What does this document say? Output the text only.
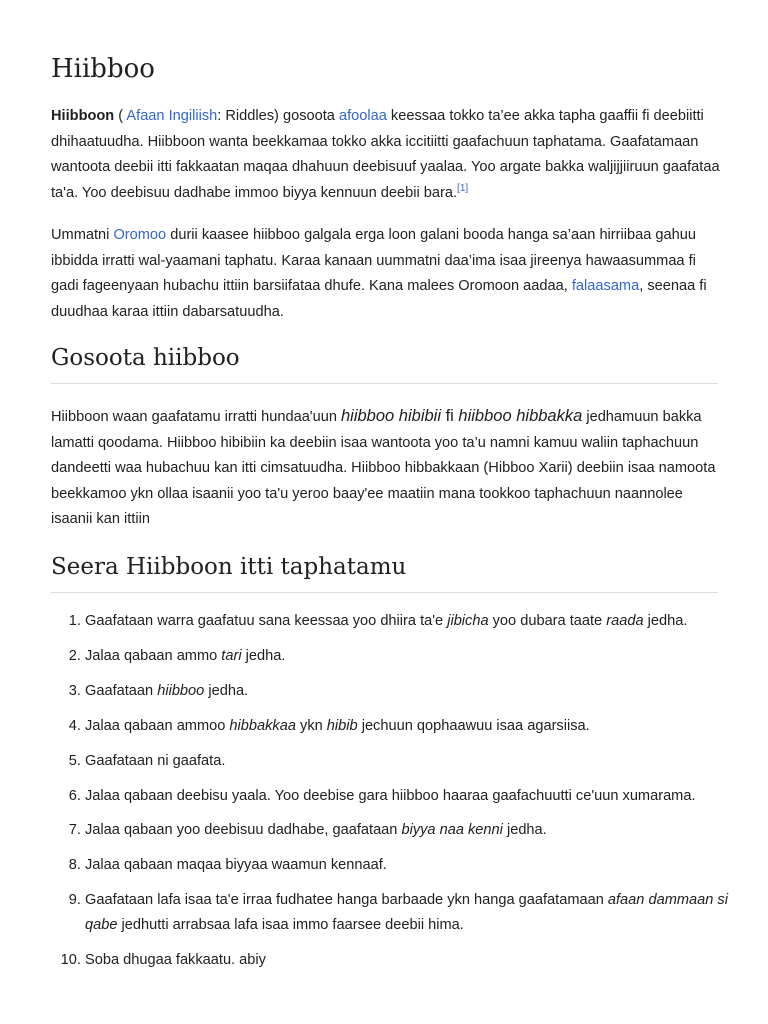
Hiibboo

Hiibboon ( Afaan Ingiliish: Riddles) gosoota afoolaa keessaa tokko ta’ee akka tapha gaaffii fi deebiitti dhihaatuudha. Hiibboon wanta beekkamaa tokko akka iccitiitti gaafachuun taphatama. Gaafatamaan wantoota deebii itti fakkaatan maqaa dhahuun deebisuuf yaalaa. Yoo argate bakka waljijjiiruun gaafataa ta'a. Yoo deebisuu dadhabe immoo biyya kennuun deebii bara.[1]

Ummatni Oromoo durii kaasee hiibboo galgala erga loon galani booda hanga sa’aan hirriibaa gahuu ibbidda irratti wal-yaamani taphatu. Karaa kanaan uummatni daa’ima isaa jireenya hawaasummaa fi gadi fageenyaan hubachu ittiin barsiifataa dhufe. Kana malees Oromoon aadaa, falaasama, seenaa fi duudhaa karaa ittiin dabarsatuudha.

Gosoota hiibboo

Hiibboon waan gaafatamu irratti hundaa'uun hiibboo hibibii fi hiibboo hibbakka jedhamuun bakka lamatti qoodama. Hiibboo hibibiin ka deebiin isaa wantoota yoo ta’u namni kamuu waliin taphachuun dandeetti waa hubachuu kan itti cimsatuudha. Hiibboo hibbakkaan (Hibboo Xarii) deebiin isaa namoota beekkamoo ykn ollaa isaanii yoo ta'u yeroo baay'ee maatiin mana tookkoo taphachuun naannolee isaanii kan ittiin

Seera Hiibboon itti taphatamu
1. Gaafataan warra gaafatuu sana keessaa yoo dhiira ta'e jibicha yoo dubara taate raada jedha.
2. Jalaa qabaan ammo tari jedha.
3. Gaafataan hiibboo jedha.
4. Jalaa qabaan ammoo hibbakkaa ykn hibib jechuun qophaawuu isaa agarsiisa.
5. Gaafataan ni gaafata.
6. Jalaa qabaan deebisu yaala. Yoo deebise gara hiibboo haaraa gaafachuutti ce'uun xumarama.
7. Jalaa qabaan yoo deebisuu dadhabe, gaafataan biyya naa kenni jedha.
8. Jalaa qabaan maqaa biyyaa waamun kennaaf.
9. Gaafataan lafa isaa ta'e irraa fudhatee hanga barbaade ykn hanga gaafatamaan afaan dammaan si qabe jedhutti arrabsaa lafa isaa immo faarsee deebii hima.
10. Soba dhugaa fakkaatu. abiy
